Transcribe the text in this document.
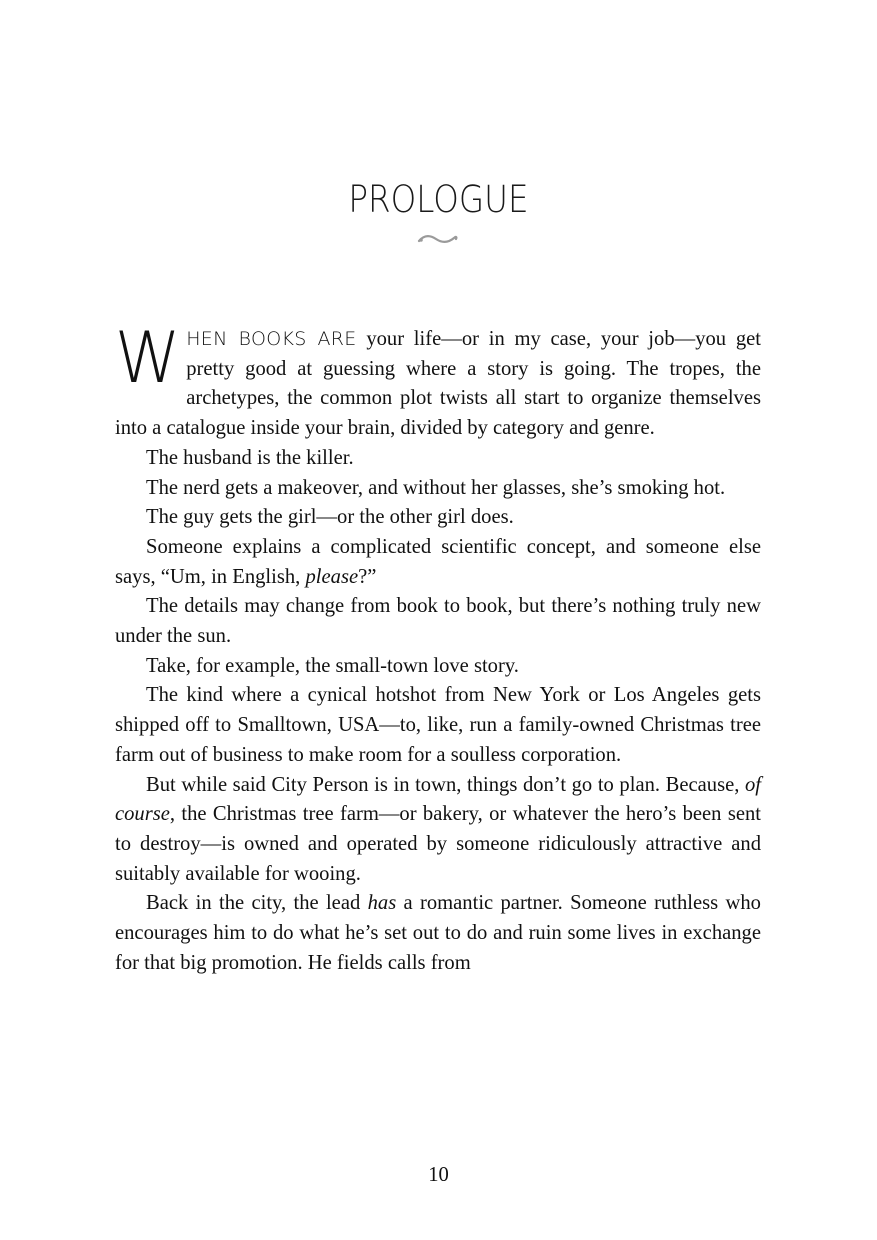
PROLOGUE

WHEN BOOKS ARE your life—or in my case, your job—you get pretty good at guessing where a story is going. The tropes, the archetypes, the common plot twists all start to organize themselves into a catalogue inside your brain, divided by category and genre.

The husband is the killer.

The nerd gets a makeover, and without her glasses, she’s smoking hot.

The guy gets the girl—or the other girl does.

Someone explains a complicated scientific concept, and someone else says, “Um, in English, please?”

The details may change from book to book, but there’s nothing truly new under the sun.

Take, for example, the small-town love story.

The kind where a cynical hotshot from New York or Los Angeles gets shipped off to Smalltown, USA—to, like, run a family-owned Christmas tree farm out of business to make room for a soulless corporation.

But while said City Person is in town, things don’t go to plan. Because, of course, the Christmas tree farm—or bakery, or whatever the hero’s been sent to destroy—is owned and operated by someone ridiculously attractive and suitably available for wooing.

Back in the city, the lead has a romantic partner. Someone ruthless who encourages him to do what he’s set out to do and ruin some lives in exchange for that big promotion. He fields calls from

10
